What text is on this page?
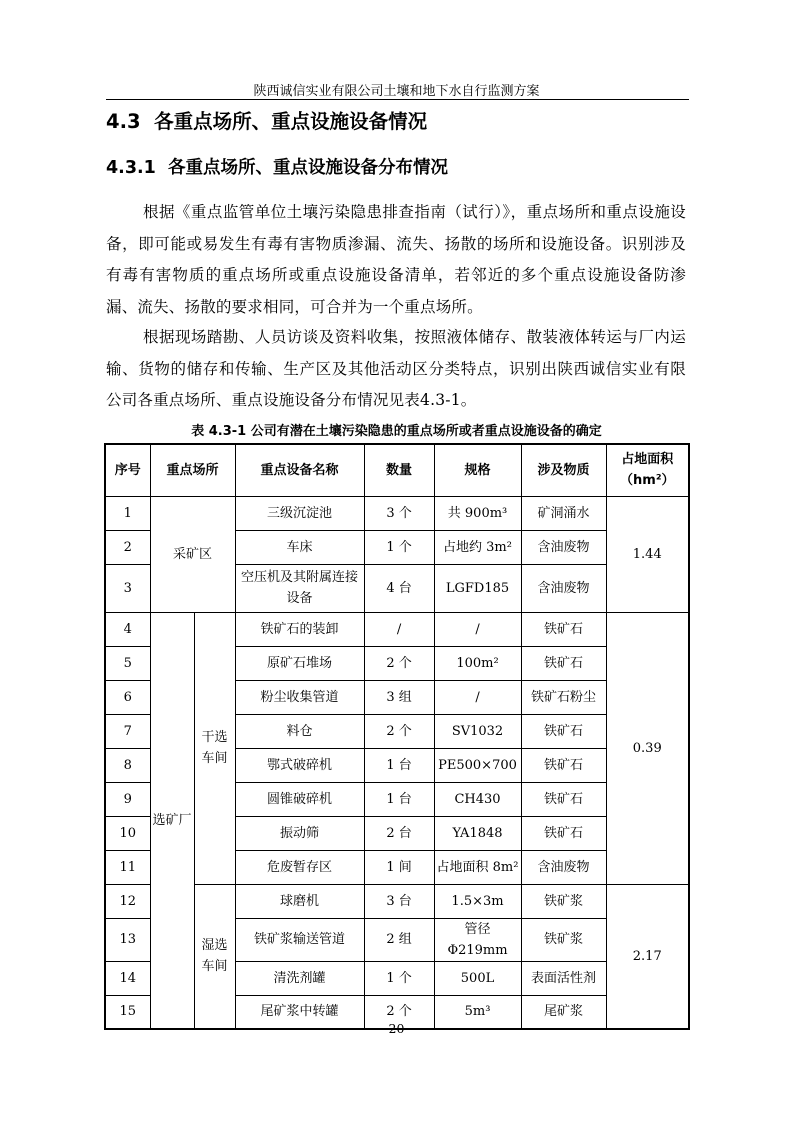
陕西诚信实业有限公司土壤和地下水自行监测方案
4.3 各重点场所、重点设施设备情况
4.3.1 各重点场所、重点设施设备分布情况

根据《重点监管单位土壤污染隐患排查指南（试行）》，重点场所和重点设施设备，即可能或易发生有毒有害物质渗漏、流失、扬散的场所和设施设备。识别涉及有毒有害物质的重点场所或重点设施设备清单，若邻近的多个重点设施设备防渗漏、流失、扬散的要求相同，可合并为一个重点场所。

根据现场踏勘、人员访谈及资料收集，按照液体储存、散装液体转运与厂内运输、货物的储存和传输、生产区及其他活动区分类特点，识别出陕西诚信实业有限公司各重点场所、重点设施设备分布情况见表4.3-1。

表 4.3-1 公司有潜在土壤污染隐患的重点场所或者重点设施设备的确定
序号	重点场所		重点设备名称	数量	规格	涉及物质	占地面积
（hm²）
1	采矿区		三级沉淀池	3 个	共 900m³	矿洞涌水	1.44
2			车床	1 个	占地约 3m²	含油废物	
3			空压机及其附属连接设备	4 台	LGFD185	含油废物	
4	选矿厂	干选车间	铁矿石的装卸	/	/	铁矿石	0.39
5			原矿石堆场	2 个	100m²	铁矿石	
6			粉尘收集管道	3 组	/	铁矿石粉尘	
7			料仓	2 个	SV1032	铁矿石	
8			鄂式破碎机	1 台	PE500×700	铁矿石	
9			圆锥破碎机	1 台	CH430	铁矿石	
10			振动筛	2 台	YA1848	铁矿石	
11			危废暂存区	1 间	占地面积 8m²	含油废物	
12		湿选车间	球磨机	3 台	1.5×3m	铁矿浆	2.17
13			铁矿浆输送管道	2 组	管径Φ219mm	铁矿浆	
14			清洗剂罐	1 个	500L	表面活性剂	
15			尾矿浆中转罐	2 个	5m³	尾矿浆	
- 20 -
